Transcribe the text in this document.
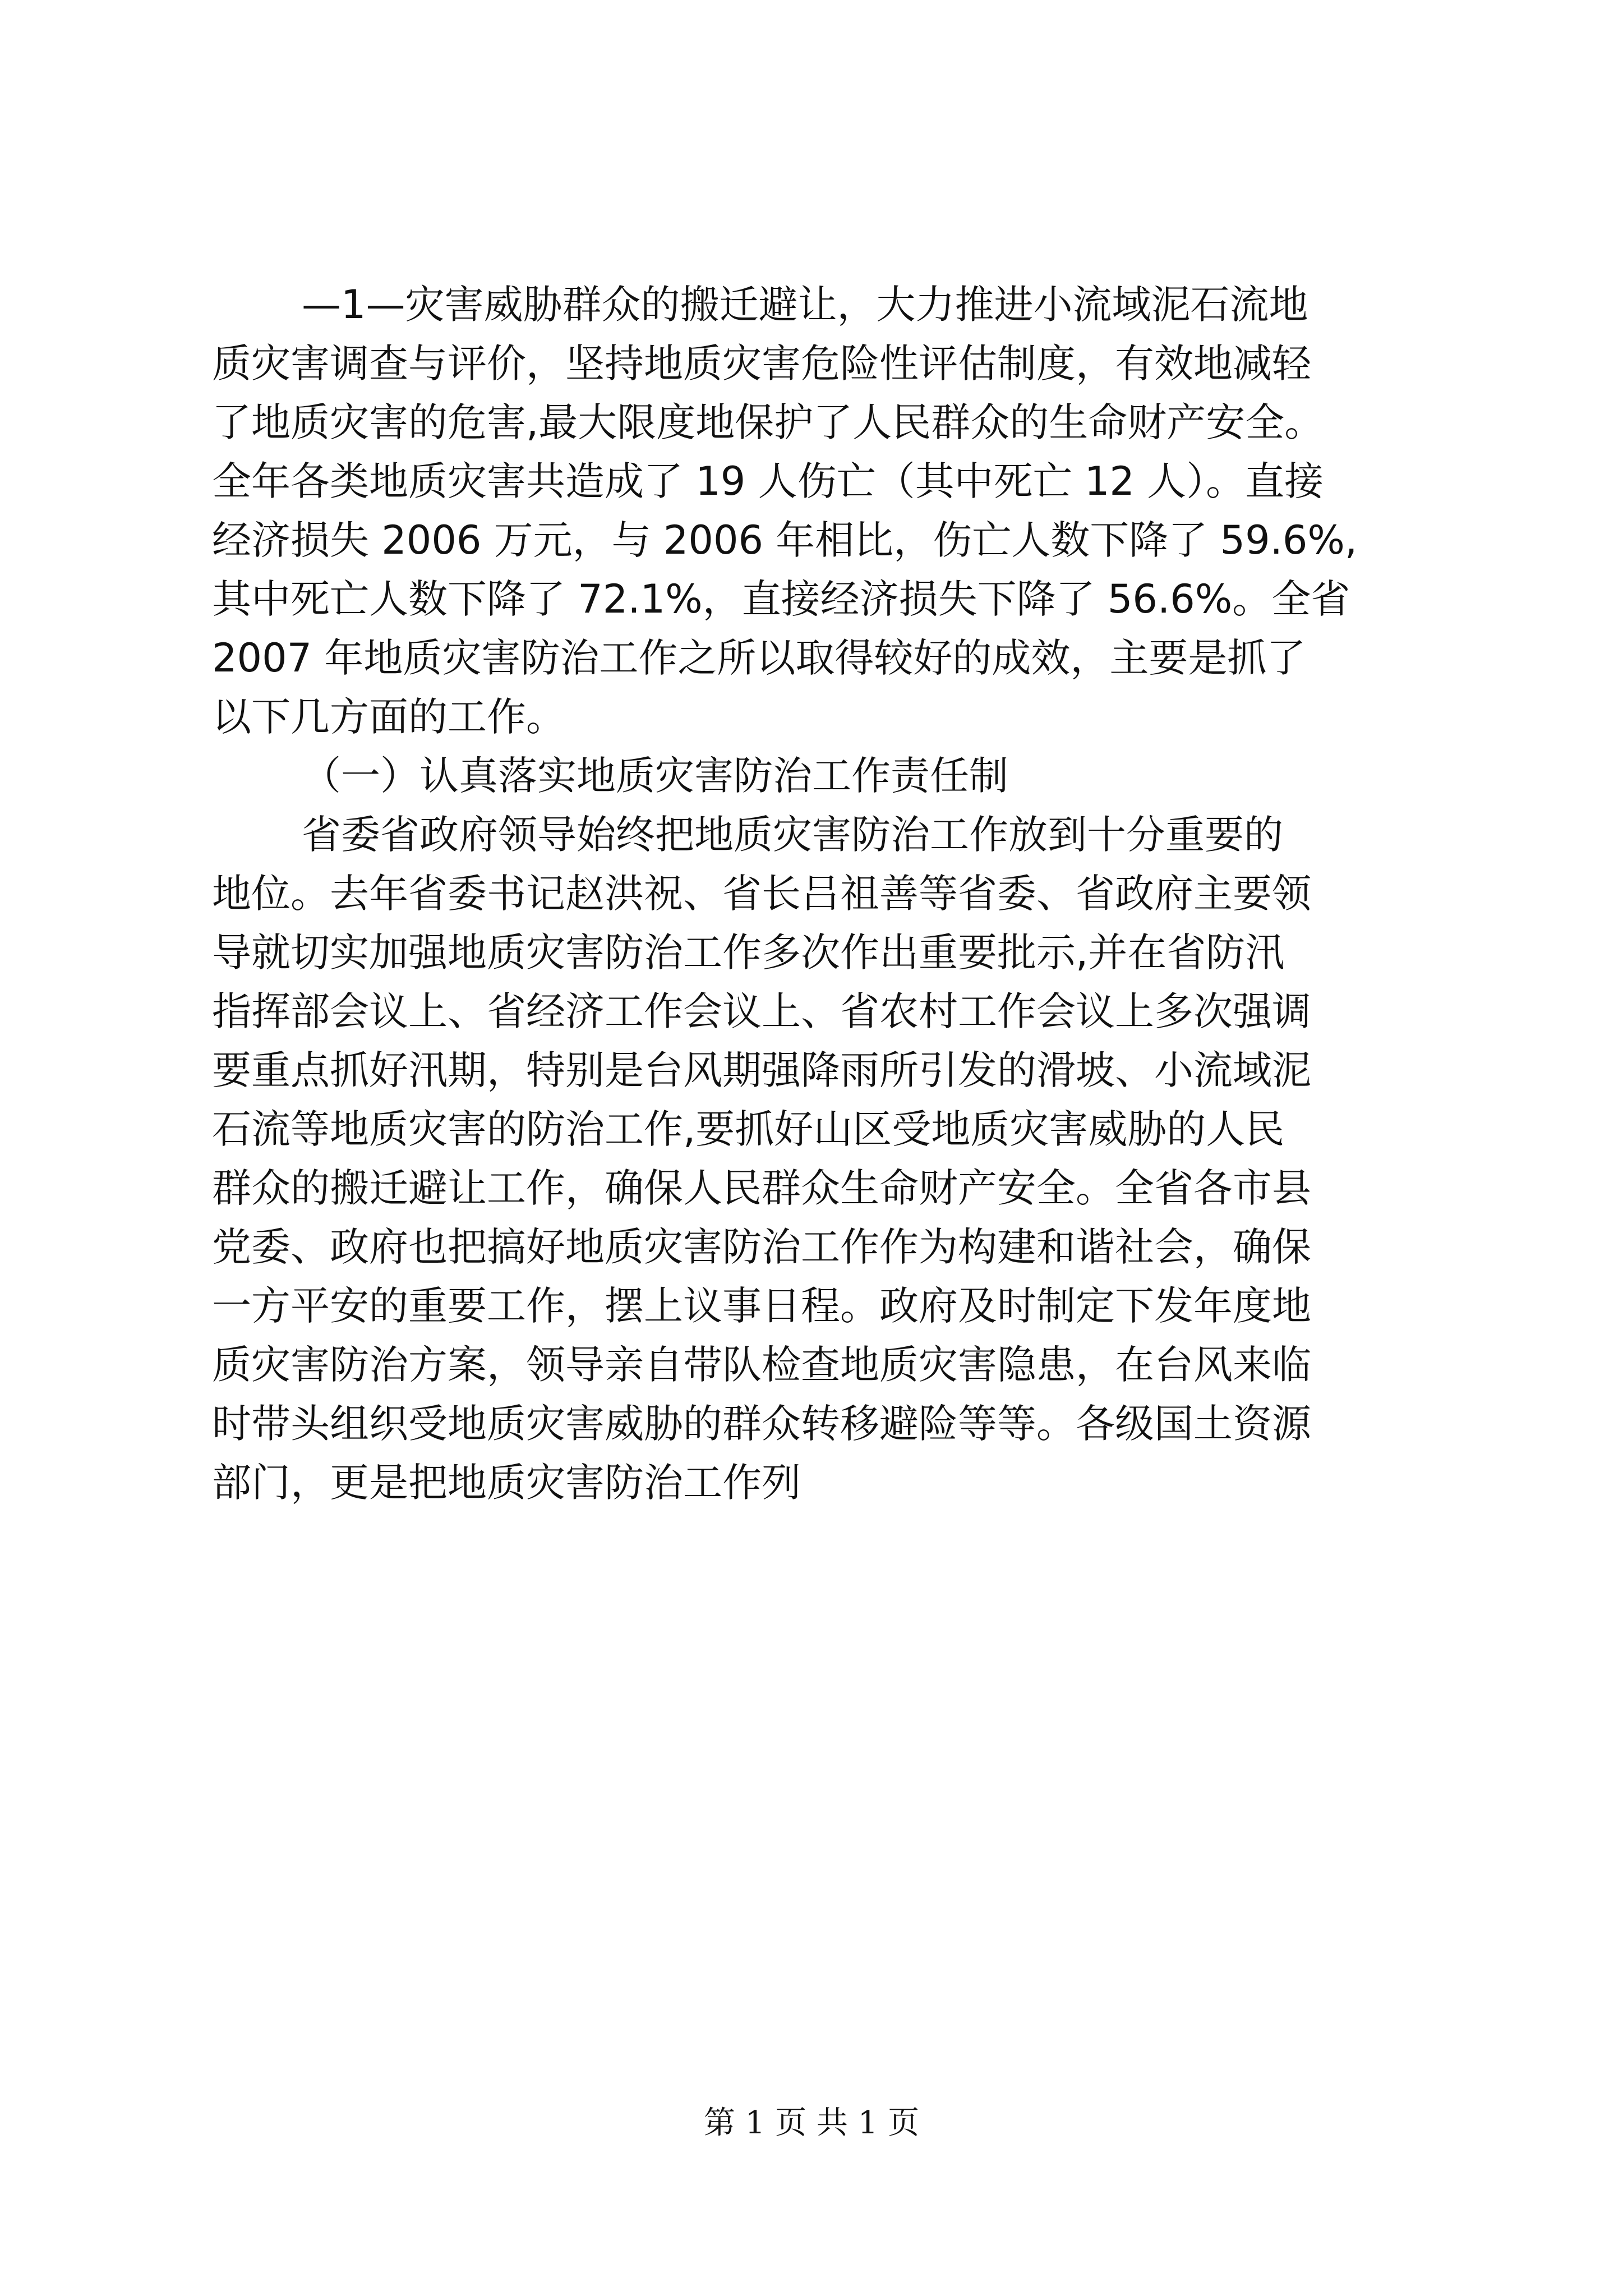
—1—灾害威胁群众的搬迁避让，大力推进小流域泥石流地
质灾害调查与评价，坚持地质灾害危险性评估制度，有效地减轻
了地质灾害的危害,最大限度地保护了人民群众的生命财产安全。
全年各类地质灾害共造成了 19 人伤亡（其中死亡 12 人）。直接
经济损失 2006 万元，与 2006 年相比，伤亡人数下降了 59.6%,
其中死亡人数下降了 72.1%，直接经济损失下降了 56.6%。全省
2007 年地质灾害防治工作之所以取得较好的成效，主要是抓了
以下几方面的工作。
（一）认真落实地质灾害防治工作责任制
省委省政府领导始终把地质灾害防治工作放到十分重要的
地位。去年省委书记赵洪祝、省长吕祖善等省委、省政府主要领
导就切实加强地质灾害防治工作多次作出重要批示,并在省防汛
指挥部会议上、省经济工作会议上、省农村工作会议上多次强调
要重点抓好汛期，特别是台风期强降雨所引发的滑坡、小流域泥
石流等地质灾害的防治工作,要抓好山区受地质灾害威胁的人民
群众的搬迁避让工作，确保人民群众生命财产安全。全省各市县
党委、政府也把搞好地质灾害防治工作作为构建和谐社会，确保
一方平安的重要工作，摆上议事日程。政府及时制定下发年度地
质灾害防治方案，领导亲自带队检查地质灾害隐患，在台风来临
时带头组织受地质灾害威胁的群众转移避险等等。各级国土资源
部门，更是把地质灾害防治工作列
第 1 页 共 1 页
